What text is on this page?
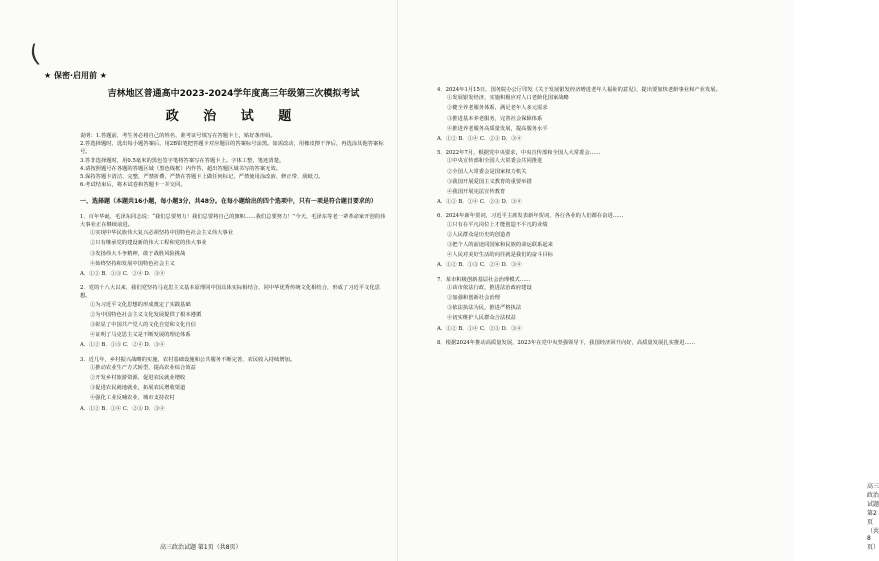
(
★ 保密·启用前 ★
吉林地区普通高中2023-2024学年度高三年级第三次模拟考试
政 治 试 题
说明：1.答题前，考生务必将自己的姓名、准考证号填写在答题卡上，贴好条形码。
2.答选择题时，选出每小题答案后，用2B铅笔把答题卡对应题目的答案标号涂黑。如需改动，用橡皮擦干净后，再选涂其他答案标号。
3.答非选择题时，用0.5毫米的黑色签字笔将答案写在答题卡上。字体工整，笔迹清楚。
4.请按照题号在各题的答题区域（黑色线框）内作答，超出答题区域书写的答案无效。
5.保持答题卡清洁、完整，严禁折叠，严禁在答题卡上做任何标记，严禁使用涂改液、修正带、刮纸刀。
6.考试结束后，将本试卷和答题卡一并交回。
一、选择题（本题共16小题，每小题3分，共48分。在每小题给出的四个选项中，只有一项是符合题目要求的）
1．百年华诞，毛泽东同志说：“我们总要努力！我们总要将自己的旗帜……我们总要努力！”今天，毛泽东等老一辈革命家开创的伟大事业正在继续前进。
①实现中华民族伟大复兴必须坚持中国特色社会主义伟大事业
②只有继承党的建设新的伟大工程和党的伟大事业
③发扬伟大斗争精神，敢于战胜风险挑战
④始终坚持和发展中国特色社会主义
A．①② B．①③ C．②④ D．③④
2．党的十八大以来，我们党坚持马克思主义基本原理同中国具体实际相结合，同中华优秀传统文化相结合，形成了习近平文化思想。
①为习近平文化思想的形成奠定了实践基础
②为中国特色社会主义文化发展提供了根本遵循
③彰显了中国共产党人的文化自觉和文化自信
④证明了马克思主义是不断发展的理论体系
A．①② B．①③ C．②④ D．③④
3．近几年，乡村振兴战略的实施，农村基础设施和公共服务不断完善，农民收入持续增加。
①推动农业生产方式转型，提高农业综合效益
②开发乡村旅游资源，促进农民就业增收
③促进农民就地就业，拓展农民增收渠道
④强化工业反哺农业、城市支持农村
A．①② B．①④ C．②③ D．③④
高三政治试题 第1页（共8页）
4．2024年1月15日，国务院办公厅印发《关于发展银发经济增进老年人福祉的意见》，提出要加快老龄事业和产业发展。
①发展银发经济，实施积极应对人口老龄化国家战略
②健全养老服务体系，满足老年人多元需求
③推进基本养老服务，完善社会保障体系
④推进养老服务高质量发展，提高服务水平
A．①② B．①④ C．②③ D．③④
5．2022年7月，根据党中央要求，中央宣传部和全国人大常委会……
①中央宣传部和全国人大常委会共同推进
②全国人大常委会是国家权力机关
③我国开展爱国主义教育的重要举措
④我国开展宪法宣传教育
A．①② B．①④ C．②③ D．③④
6．2024年新年贺词，习近平主席发表新年贺词，各行各业的人们都在奋进……
①只有在平凡岗位上才能创造不平凡的业绩
②人民群众是历史的创造者
③把个人的前途同国家和民族的命运联系起来
④人民对美好生活的向往就是我们的奋斗目标
A．①② B．①③ C．②④ D．③④
7．某市积极创新基层社会治理模式……
①该市依法行政，推进法治政府建设
②加强和创新社会治理
③依法执法为民，推进严格执法
④切实维护人民群众合法权益
A．①② B．①④ C．②③ D．③④
8．根据2024年推动高质量发展，2023年在党中央坚强领导下，我国经济回升向好，高质量发展扎实推进……
高三政治试题 第2页（共8页）
